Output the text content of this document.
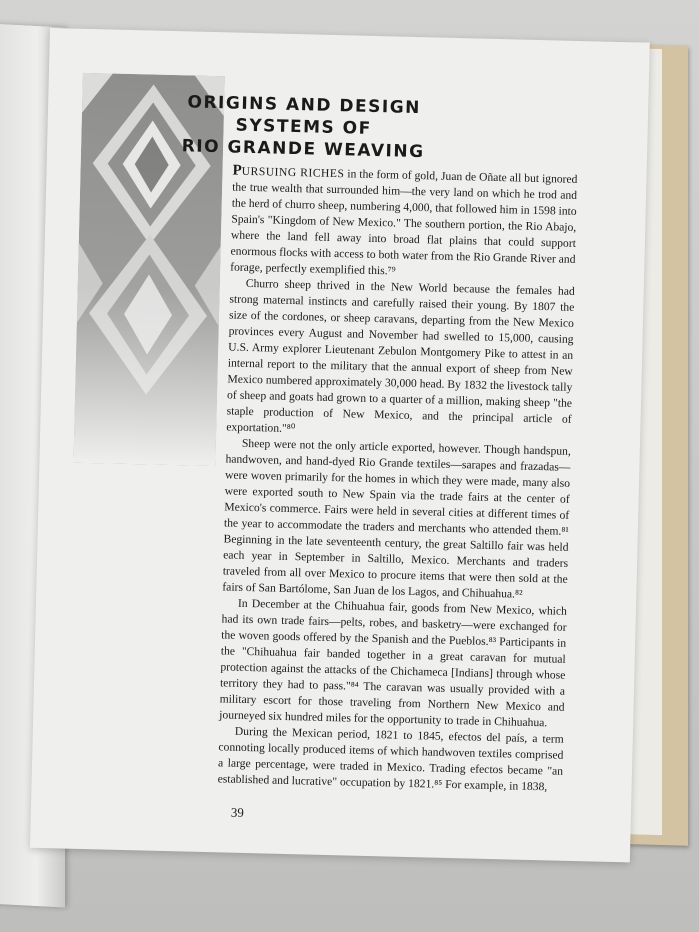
ORIGINS AND DESIGN SYSTEMS OF
RIO GRANDE WEAVING

PURSUING RICHES in the form of gold, Juan de Oñate all but ignored the true wealth that surrounded him—the very land on which he trod and the herd of churro sheep, numbering 4,000, that followed him in 1598 into Spain's "Kingdom of New Mexico." The southern portion, the Rio Abajo, where the land fell away into broad flat plains that could support enormous flocks with access to both water from the Rio Grande River and forage, perfectly exemplified this.⁷⁹

Churro sheep thrived in the New World because the females had strong maternal instincts and carefully raised their young. By 1807 the size of the cordones, or sheep caravans, departing from the New Mexico provinces every August and November had swelled to 15,000, causing U.S. Army explorer Lieutenant Zebulon Montgomery Pike to attest in an internal report to the military that the annual export of sheep from New Mexico numbered approximately 30,000 head. By 1832 the livestock tally of sheep and goats had grown to a quarter of a million, making sheep "the staple production of New Mexico, and the principal article of exportation."⁸⁰

Sheep were not the only article exported, however. Though handspun, handwoven, and hand-dyed Rio Grande textiles—sarapes and frazadas—were woven primarily for the homes in which they were made, many also were exported south to New Spain via the trade fairs at the center of Mexico's commerce. Fairs were held in several cities at different times of the year to accommodate the traders and merchants who attended them.⁸¹ Beginning in the late seventeenth century, the great Saltillo fair was held each year in September in Saltillo, Mexico. Merchants and traders traveled from all over Mexico to procure items that were then sold at the fairs of San Bartólome, San Juan de los Lagos, and Chihuahua.⁸²

In December at the Chihuahua fair, goods from New Mexico, which had its own trade fairs—pelts, robes, and basketry—were exchanged for the woven goods offered by the Spanish and the Pueblos.⁸³ Participants in the "Chihuahua fair banded together in a great caravan for mutual protection against the attacks of the Chichameca [Indians] through whose territory they had to pass."⁸⁴ The caravan was usually provided with a military escort for those traveling from Northern New Mexico and journeyed six hundred miles for the opportunity to trade in Chihuahua.

During the Mexican period, 1821 to 1845, efectos del país, a term connoting locally produced items of which handwoven textiles comprised a large percentage, were traded in Mexico. Trading efectos became "an established and lucrative" occupation by 1821.⁸⁵ For example, in 1838,

39
